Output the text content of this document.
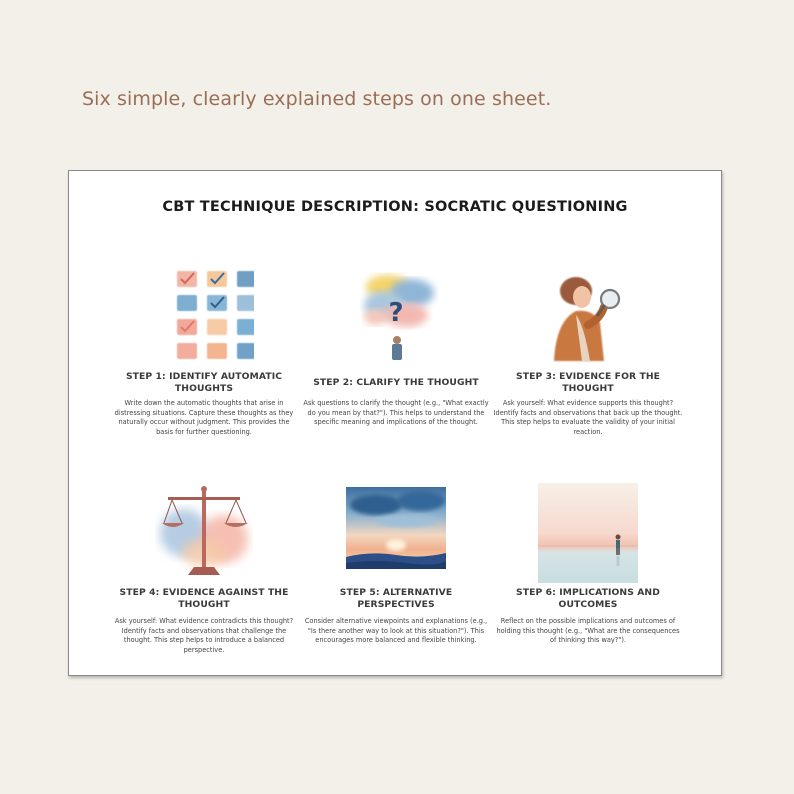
Six simple, clearly explained steps on one sheet.
CBT TECHNIQUE DESCRIPTION: SOCRATIC QUESTIONING
STEP 1: IDENTIFY AUTOMATIC THOUGHTS
Write down the automatic thoughts that arise in distressing situations. Capture these thoughts as they naturally occur without judgment. This provides the basis for further questioning.
?
STEP 2: CLARIFY THE THOUGHT
Ask questions to clarify the thought (e.g., "What exactly do you mean by that?"). This helps to understand the specific meaning and implications of the thought.
STEP 3: EVIDENCE FOR THE THOUGHT
Ask yourself: What evidence supports this thought? Identify facts and observations that back up the thought. This step helps to evaluate the validity of your initial reaction.
STEP 4: EVIDENCE AGAINST THE THOUGHT
Ask yourself: What evidence contradicts this thought? Identify facts and observations that challenge the thought. This step helps to introduce a balanced perspective.
STEP 5: ALTERNATIVE PERSPECTIVES
Consider alternative viewpoints and explanations (e.g., "Is there another way to look at this situation?"). This encourages more balanced and flexible thinking.
STEP 6: IMPLICATIONS AND OUTCOMES
Reflect on the possible implications and outcomes of holding this thought (e.g., "What are the consequences of thinking this way?").
